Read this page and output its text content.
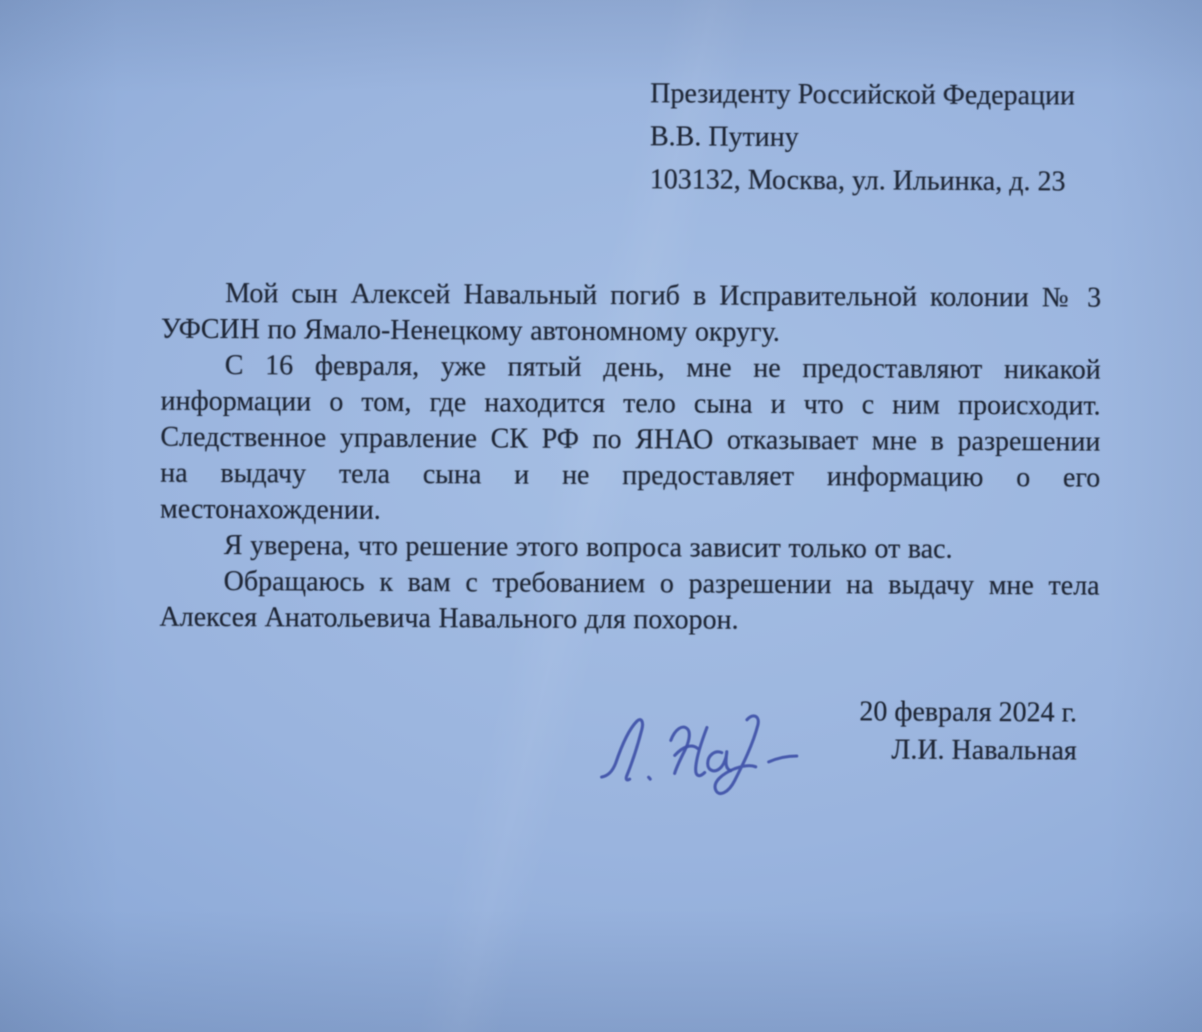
Президенту Российской Федерации
В.В. Путину
103132, Москва, ул. Ильинка, д. 23
Мой сын Алексей Навальный погиб в Исправительной колонии № 3
УФСИН по Ямало-Ненецкому автономному округу.
С 16 февраля, уже пятый день, мне не предоставляют никакой
информации о том, где находится тело сына и что с ним происходит.
Следственное управление СК РФ по ЯНАО отказывает мне в разрешении
на выдачу тела сына и не предоставляет информацию о его
местонахождении.
Я уверена, что решение этого вопроса зависит только от вас.
Обращаюсь к вам с требованием о разрешении на выдачу мне тела
Алексея Анатольевича Навального для похорон.
20 февраля 2024 г.
Л.И. Навальная
